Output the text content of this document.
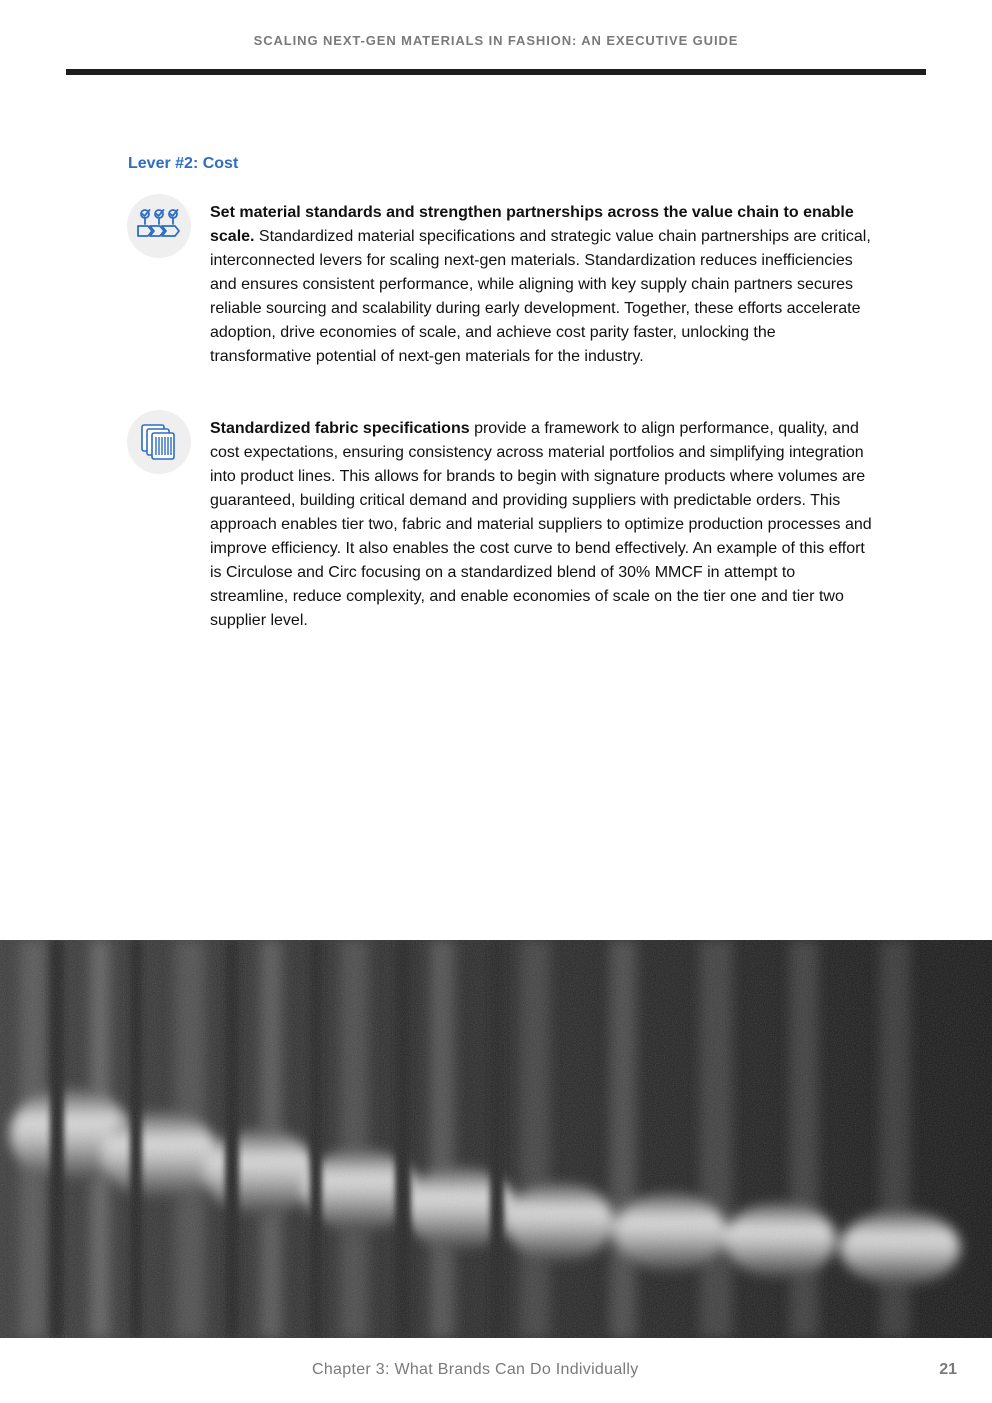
SCALING NEXT-GEN MATERIALS IN FASHION: AN EXECUTIVE GUIDE
Lever #2: Cost
Set material standards and strengthen partnerships across the value chain to enable scale. Standardized material specifications and strategic value chain partnerships are critical, interconnected levers for scaling next-gen materials. Standardization reduces inefficiencies and ensures consistent performance, while aligning with key supply chain partners secures reliable sourcing and scalability during early development. Together, these efforts accelerate adoption, drive economies of scale, and achieve cost parity faster, unlocking the transformative potential of next-gen materials for the industry.
Standardized fabric specifications provide a framework to align performance, quality, and cost expectations, ensuring consistency across material portfolios and simplifying integration into product lines. This allows for brands to begin with signature products where volumes are guaranteed, building critical demand and providing suppliers with predictable orders. This approach enables tier two, fabric and material suppliers to optimize production processes and improve efficiency. It also enables the cost curve to bend effectively. An example of this effort is Circulose and Circ focusing on a standardized blend of 30% MMCF in attempt to streamline, reduce complexity, and enable economies of scale on the tier one and tier two supplier level.
Chapter 3: What Brands Can Do Individually	21
